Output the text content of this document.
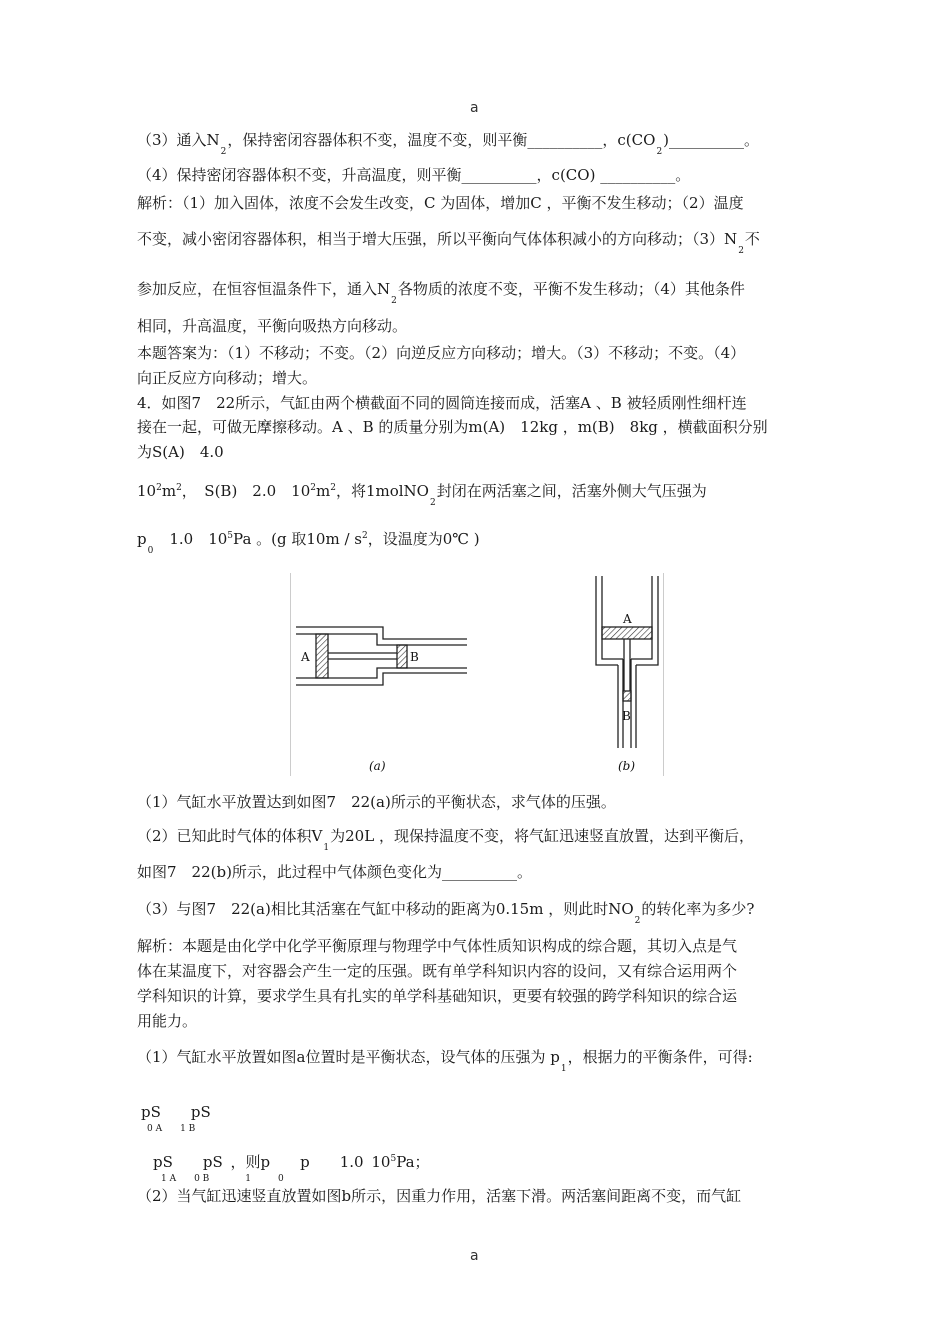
a
（3）通入$N_2$，保持密闭容器体积不变，温度不变，则平衡__________，$c(CO_2)\_\_\_\_\_\_\_\_\_\_$。
（4）保持密闭容器体积不变，升高温度，则平衡__________，c(CO) __________。
解析：（1）加入固体，浓度不会发生改变，C 为固体，增加C ，平衡不发生移动；（2）温度
不变，减小密闭容器体积，相当于增大压强，所以平衡向气体体积减小的方向移动；$(3)N_2$不
参加反应，在恒容恒温条件下，通入$N_2$各物质的浓度不变，平衡不发生移动；（4）其他条件
相同，升高温度，平衡向吸热方向移动。
本题答案为：（1）不移动；不变。（2）向逆反应方向移动；增大。（3）不移动；不变。（4）
向正反应方向移动；增大。
4．如图7　22所示，气缸由两个横截面不同的圆筒连接而成，活塞A 、B 被轻质刚性细杆连
接在一起，可做无摩擦移动。A 、B 的质量分别为m(A)　12kg ，m(B)　8kg ，横截面积分别
为S(A)　4.0
$10^2m^2$，　S(B)　2.0　$10^2m^2$，将1molNO$_2$封闭在两活塞之间，活塞外侧大气压强为
$p_0$　1.0　$10^5Pa$ 。(g 取$10m / s^2$，设温度为0℃ )
A	B
(a)
A
B
(b)
（1）气缸水平放置达到如图7　22(a)所示的平衡状态，求气体的压强。
（2）已知此时气体的体积$V_1$为20L ，现保持温度不变，将气缸迅速竖直放置，达到平衡后，
如图7　22(b)所示，此过程中气体颜色变化为__________。
（3）与图7　22(a)相比其活塞在气缸中移动的距离为0.15m ，则此时$NO_2$的转化率为多少?
解析：本题是由化学中化学平衡原理与物理学中气体性质知识构成的综合题，其切入点是气
体在某温度下，对容器会产生一定的压强。既有单学科知识内容的设问，又有综合运用两个
学科知识的计算，要求学生具有扎实的单学科基础知识，更要有较强的跨学科知识的综合运
用能力。
（1）气缸水平放置如图a位置时是平衡状态，设气体的压强为 $p_1$，根据力的平衡条件，可得:
pS　　pS
0 A　　1 B
pS　　pS ，则p　　p　　1.0 $10^5Pa$；
1 A　　0 B　　　　1　　　0
（2）当气缸迅速竖直放置如图b所示，因重力作用，活塞下滑。两活塞间距离不变，而气缸
a
